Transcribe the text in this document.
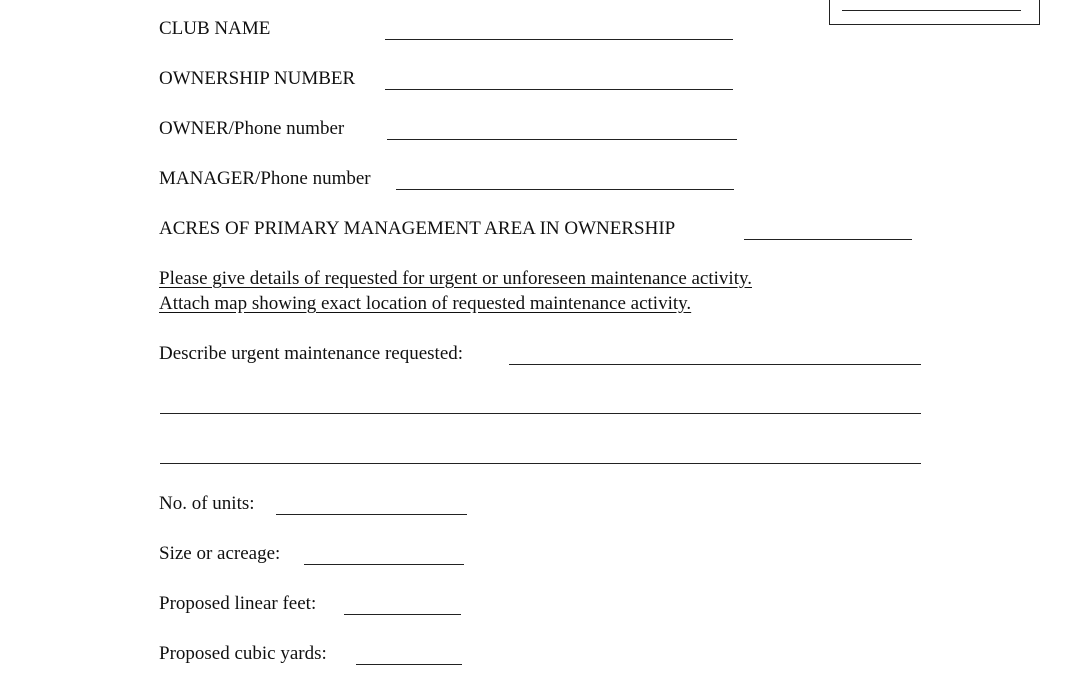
CLUB NAME
OWNERSHIP NUMBER
OWNER/Phone number
MANAGER/Phone number
ACRES OF PRIMARY MANAGEMENT AREA IN OWNERSHIP
Please give details of requested for urgent or unforeseen maintenance activity.
Attach map showing exact location of requested maintenance activity.
Describe urgent maintenance requested:
No. of units:
Size or acreage:
Proposed linear feet:
Proposed cubic yards:
